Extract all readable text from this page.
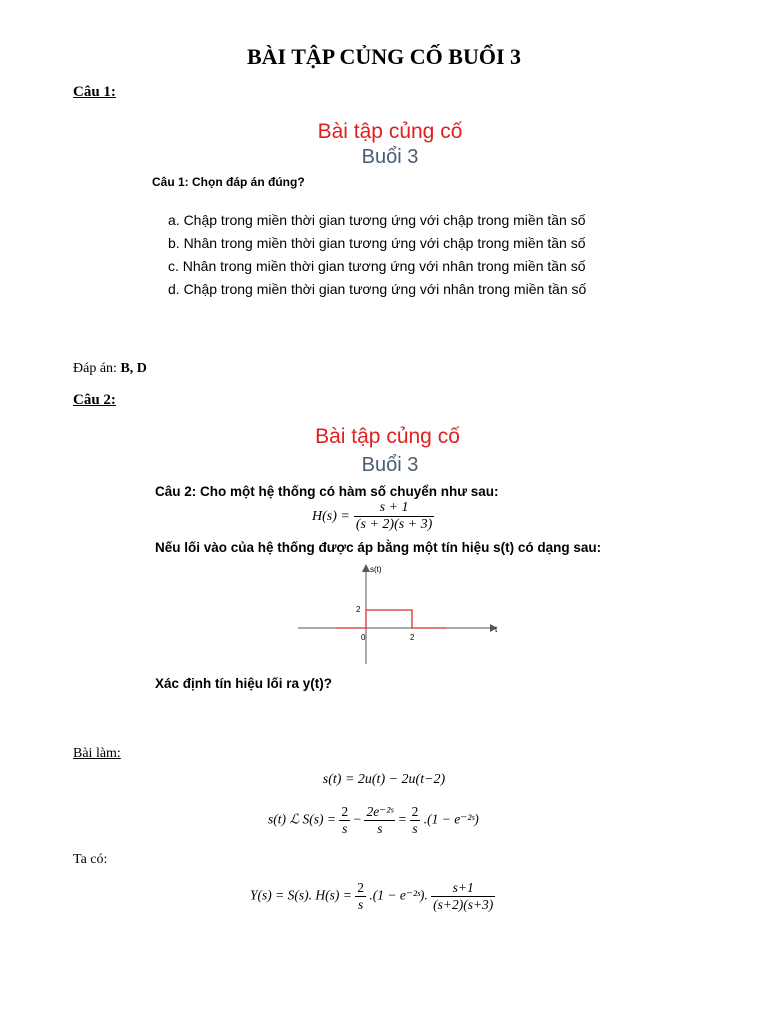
BÀI TẬP CỦNG CỐ BUỔI 3
Câu 1:
Bài tập củng cố
Buổi 3
Câu 1: Chọn đáp án đúng?
a. Chập trong miền thời gian tương ứng với chập trong miền tần số
b. Nhân trong miền thời gian tương ứng với chập trong miền tần số
c. Nhân trong miền thời gian tương ứng với nhân trong miền tần số
d. Chập trong miền thời gian tương ứng với nhân trong miền tần số
Đáp án: B, D
Câu 2:
Bài tập củng cố
Buổi 3
Câu 2: Cho một hệ thống có hàm số chuyển như sau:
$H(s) = \frac{s + 1}{(s + 2)(s + 3)}$
Nếu lối vào của hệ thống được áp bằng một tín hiệu s(t) có dạng sau:
s(t)
t
2
0	2
Xác định tín hiệu lối ra y(t)?
Bài làm:
s(t) = 2u(t) − 2u(t−2)
s(t) ℒ $S(s) = \frac{2}{s} - \frac{\text{2e⁻²ˢ}}{s} = \frac{2}{s} .(1$ − e⁻²ˢ)
Ta có:
Y(s) = S(s). $H(s) = \frac{2}{s} .(1$ − e⁻²ˢ). $\frac{s+1}{(s+2)(s+3)}$
